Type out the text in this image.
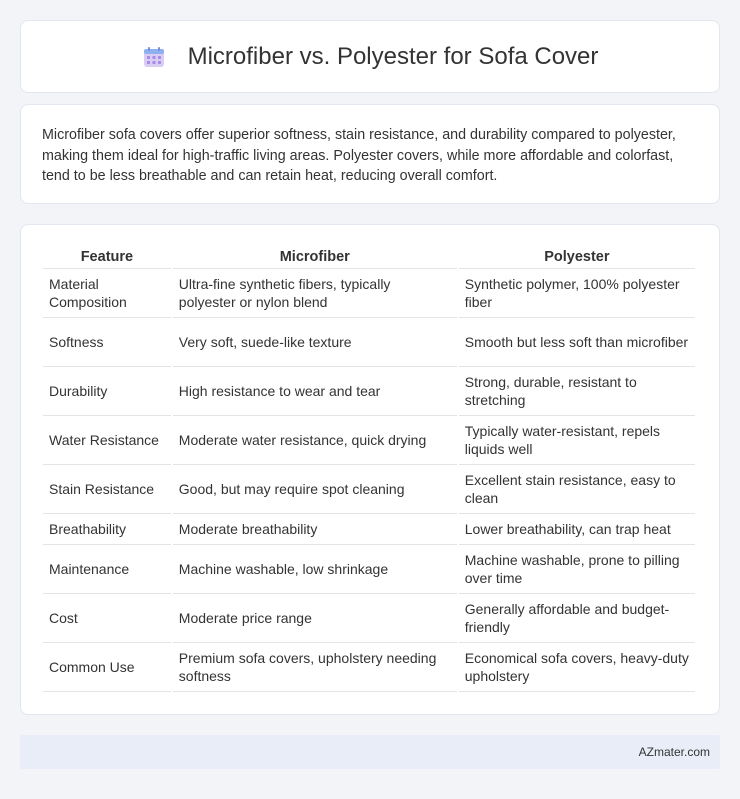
Microfiber vs. Polyester for Sofa Cover

Microfiber sofa covers offer superior softness, stain resistance, and durability compared to polyester, making them ideal for high-traffic living areas. Polyester covers, while more affordable and colorfast, tend to be less breathable and can retain heat, reducing overall comfort.

Feature	Microfiber	Polyester
Material Composition	Ultra-fine synthetic fibers, typically polyester or nylon blend	Synthetic polymer, 100% polyester fiber
Softness	Very soft, suede-like texture	Smooth but less soft than microfiber
Durability	High resistance to wear and tear	Strong, durable, resistant to stretching
Water Resistance	Moderate water resistance, quick drying	Typically water-resistant, repels liquids well
Stain Resistance	Good, but may require spot cleaning	Excellent stain resistance, easy to clean
Breathability	Moderate breathability	Lower breathability, can trap heat
Maintenance	Machine washable, low shrinkage	Machine washable, prone to pilling over time
Cost	Moderate price range	Generally affordable and budget-friendly
Common Use	Premium sofa covers, upholstery needing softness	Economical sofa covers, heavy-duty upholstery
AZmater.com
